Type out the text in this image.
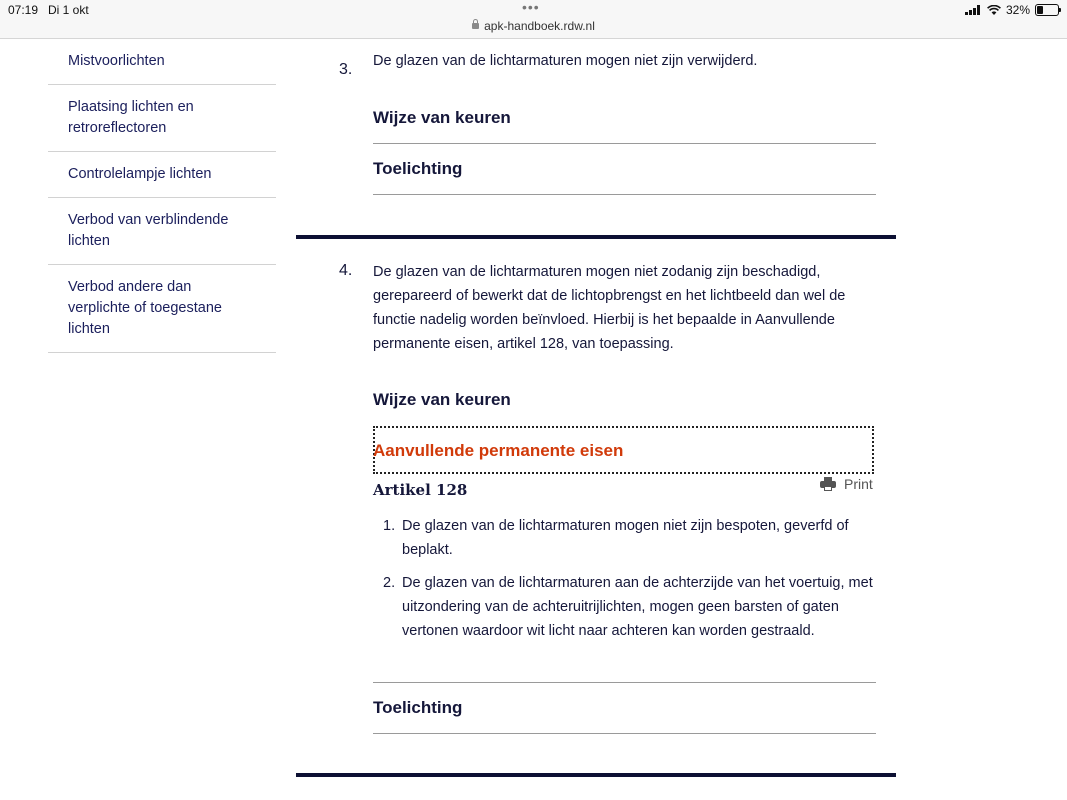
07:19 Di 1 okt	•••
apk-handboek.rdw.nl
32%
Mistvoorlichten
Plaatsing lichten en retroreflectoren
Controlelampje lichten
Verbod van verblindende lichten
Verbod andere dan verplichte of toegestane lichten
3. De glazen van de lichtarmaturen mogen niet zijn verwijderd.
Wijze van keuren
Toelichting
4. De glazen van de lichtarmaturen mogen niet zodanig zijn beschadigd, gerepareerd of bewerkt dat de lichtopbrengst en het lichtbeeld dan wel de functie nadelig worden beïnvloed. Hierbij is het bepaalde in Aanvullende permanente eisen, artikel 128, van toepassing.
Wijze van keuren
Aanvullende permanente eisen
Artikel 128	Print
1. De glazen van de lichtarmaturen mogen niet zijn bespoten, geverfd of beplakt.
2. De glazen van de lichtarmaturen aan de achterzijde van het voertuig, met uitzondering van de achteruitrijlichten, mogen geen barsten of gaten vertonen waardoor wit licht naar achteren kan worden gestraald.
Toelichting
